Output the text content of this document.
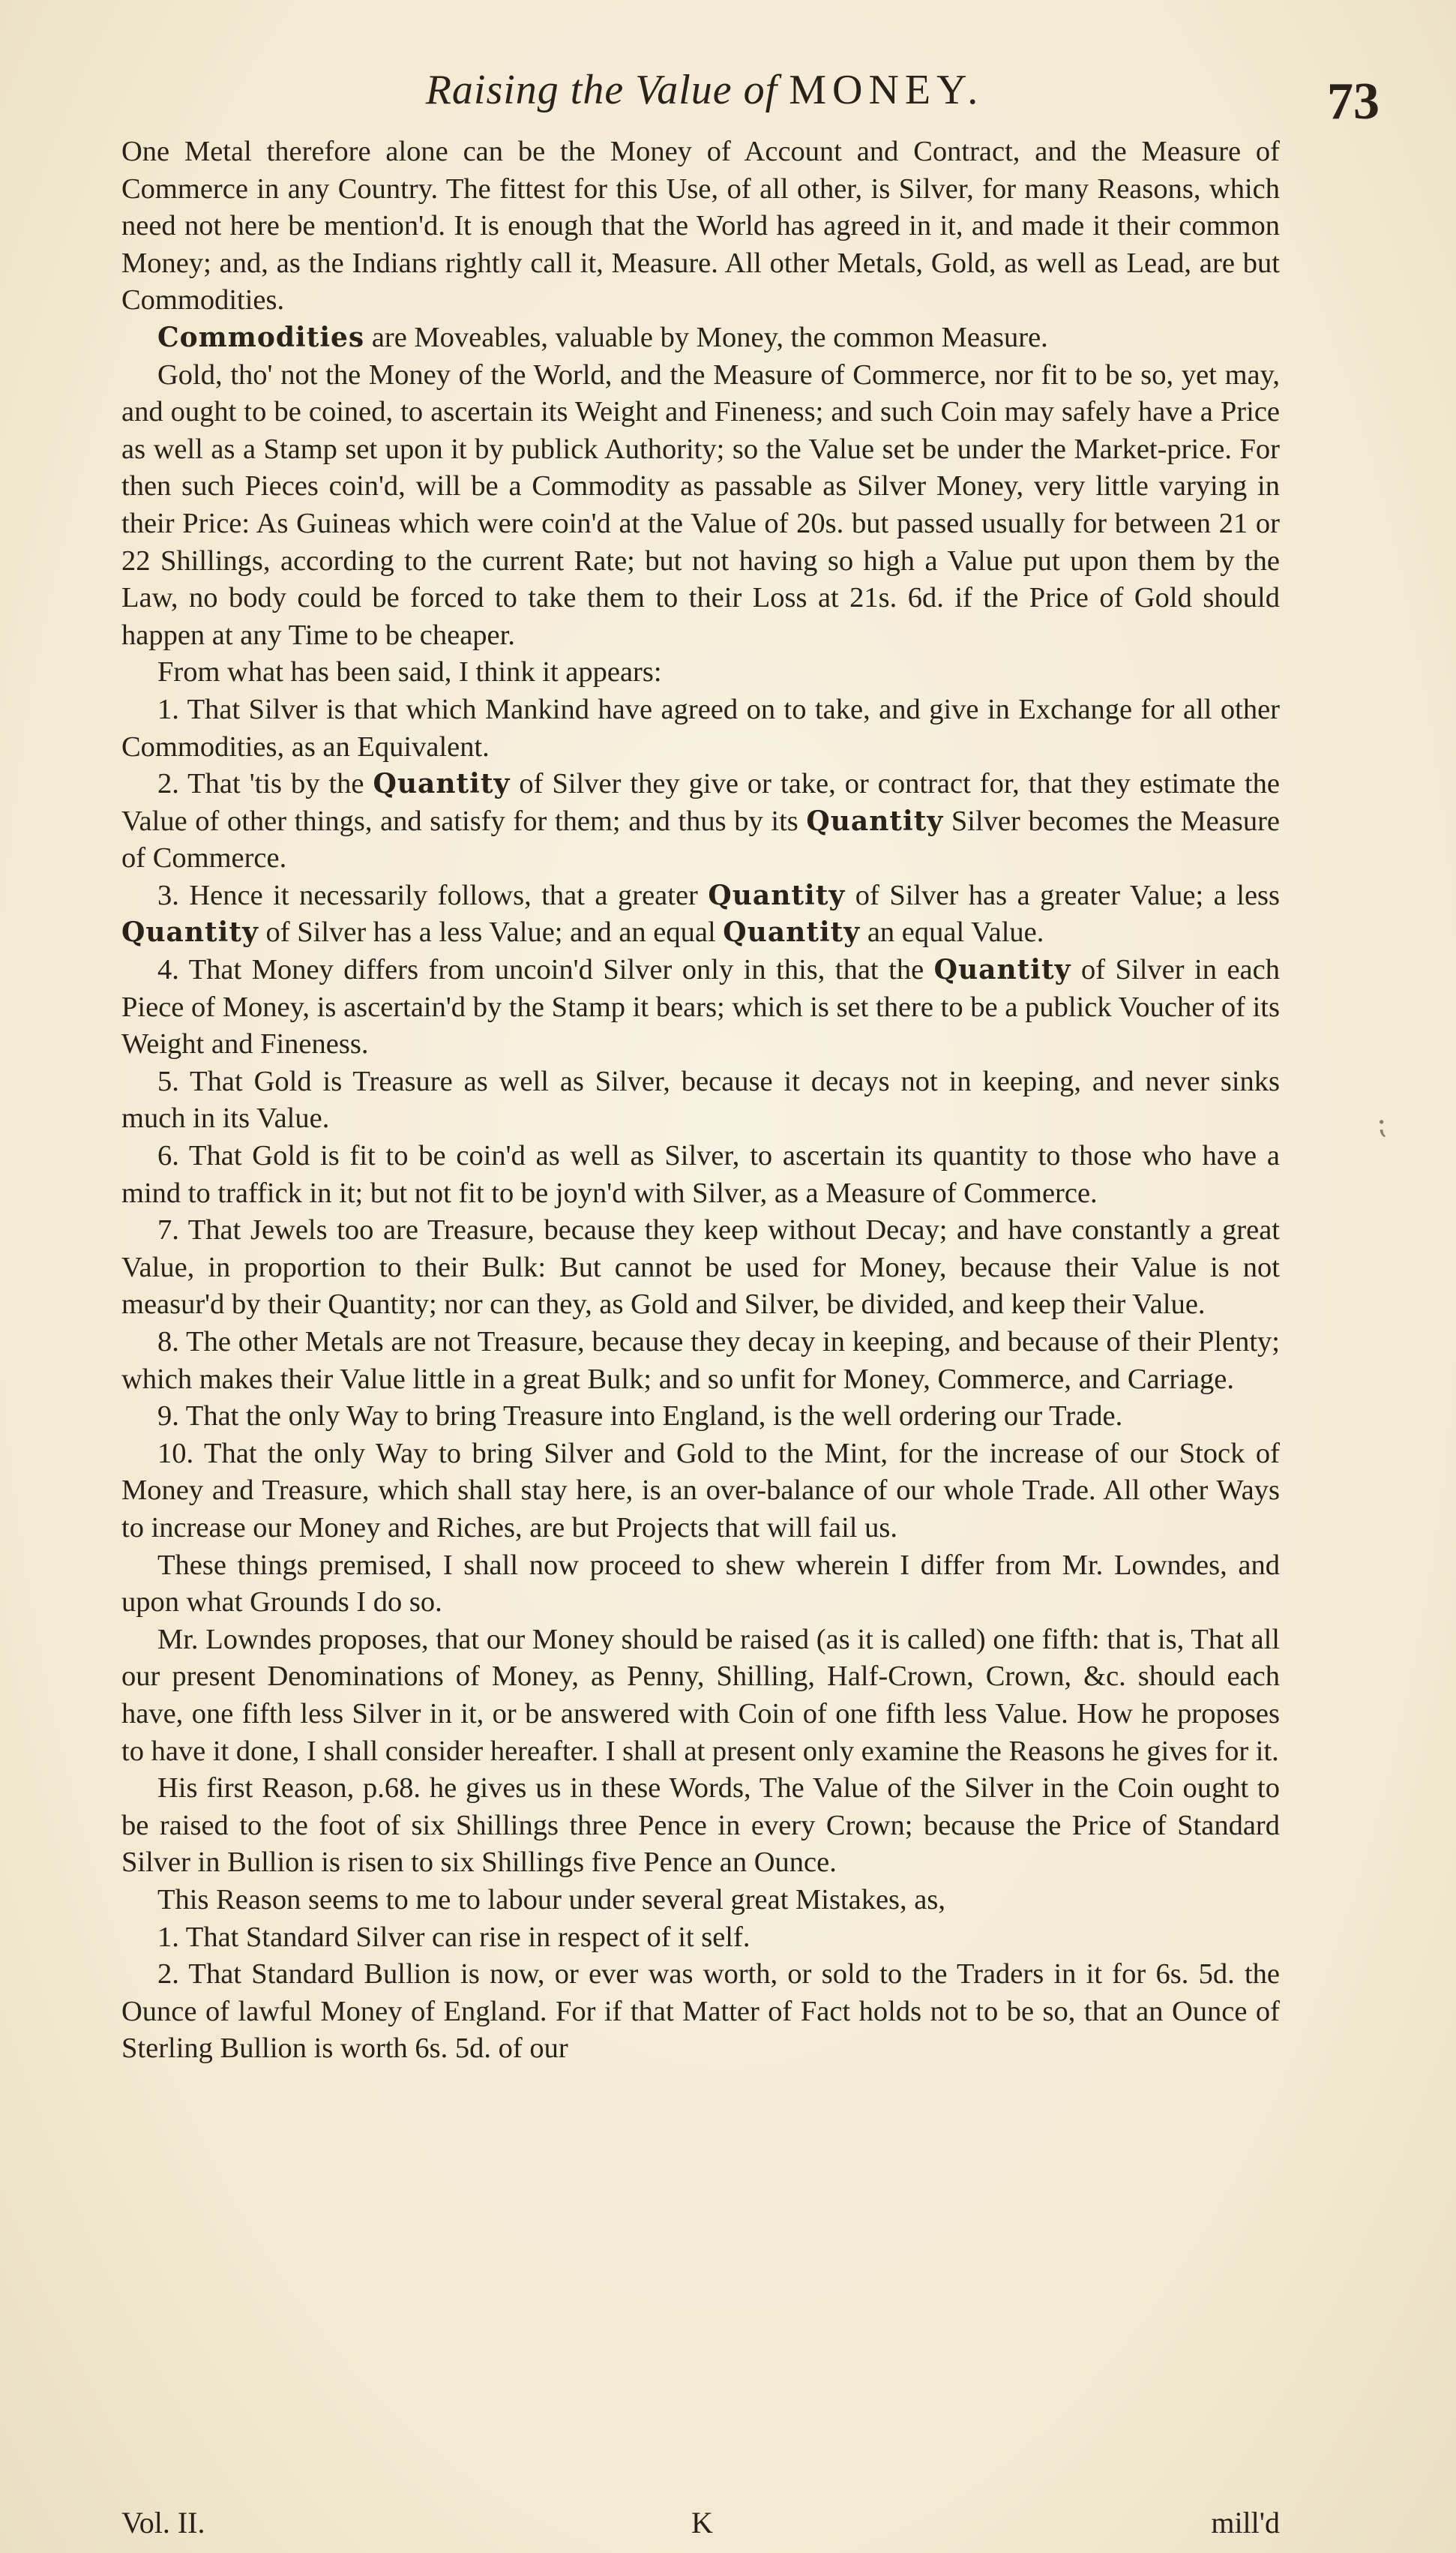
Raising the Value of MONEY.	73

One Metal therefore alone can be the Money of Account and Contract, and the Measure of Commerce in any Country. The fittest for this Use, of all other, is Silver, for many Reasons, which need not here be mention'd. It is enough that the World has agreed in it, and made it their common Money; and, as the Indians rightly call it, Measure. All other Metals, Gold, as well as Lead, are but Commodities.

Commodities are Moveables, valuable by Money, the common Measure.

Gold, tho' not the Money of the World, and the Measure of Commerce, nor fit to be so, yet may, and ought to be coined, to ascertain its Weight and Fineness; and such Coin may safely have a Price as well as a Stamp set upon it by publick Authority; so the Value set be under the Market-price. For then such Pieces coin'd, will be a Commodity as passable as Silver Money, very little varying in their Price: As Guineas which were coin'd at the Value of 20s. but passed usually for between 21 or 22 Shillings, according to the current Rate; but not having so high a Value put upon them by the Law, no body could be forced to take them to their Loss at 21s. 6d. if the Price of Gold should happen at any Time to be cheaper.

From what has been said, I think it appears:

1. That Silver is that which Mankind have agreed on to take, and give in Exchange for all other Commodities, as an Equivalent.

2. That 'tis by the Quantity of Silver they give or take, or contract for, that they estimate the Value of other things, and satisfy for them; and thus by its Quantity Silver becomes the Measure of Commerce.

3. Hence it necessarily follows, that a greater Quantity of Silver has a greater Value; a less Quantity of Silver has a less Value; and an equal Quantity an equal Value.

4. That Money differs from uncoin'd Silver only in this, that the Quantity of Silver in each Piece of Money, is ascertain'd by the Stamp it bears; which is set there to be a publick Voucher of its Weight and Fineness.

5. That Gold is Treasure as well as Silver, because it decays not in keeping, and never sinks much in its Value.

6. That Gold is fit to be coin'd as well as Silver, to ascertain its quantity to those who have a mind to traffick in it; but not fit to be joyn'd with Silver, as a Measure of Commerce.

7. That Jewels too are Treasure, because they keep without Decay; and have constantly a great Value, in proportion to their Bulk: But cannot be used for Money, because their Value is not measur'd by their Quantity; nor can they, as Gold and Silver, be divided, and keep their Value.

8. The other Metals are not Treasure, because they decay in keeping, and because of their Plenty; which makes their Value little in a great Bulk; and so unfit for Money, Commerce, and Carriage.

9. That the only Way to bring Treasure into England, is the well ordering our Trade.

10. That the only Way to bring Silver and Gold to the Mint, for the increase of our Stock of Money and Treasure, which shall stay here, is an over-balance of our whole Trade. All other Ways to increase our Money and Riches, are but Projects that will fail us.

These things premised, I shall now proceed to shew wherein I differ from Mr. Lowndes, and upon what Grounds I do so.

Mr. Lowndes proposes, that our Money should be raised (as it is called) one fifth: that is, That all our present Denominations of Money, as Penny, Shilling, Half-Crown, Crown, &c. should each have, one fifth less Silver in it, or be answered with Coin of one fifth less Value. How he proposes to have it done, I shall consider hereafter. I shall at present only examine the Reasons he gives for it.

His first Reason, p.68. he gives us in these Words, The Value of the Silver in the Coin ought to be raised to the foot of six Shillings three Pence in every Crown; because the Price of Standard Silver in Bullion is risen to six Shillings five Pence an Ounce.

This Reason seems to me to labour under several great Mistakes, as,

1. That Standard Silver can rise in respect of it self.

2. That Standard Bullion is now, or ever was worth, or sold to the Traders in it for 6s. 5d. the Ounce of lawful Money of England. For if that Matter of Fact holds not to be so, that an Ounce of Sterling Bullion is worth 6s. 5d. of our

⁏
Vol. II.	K	mill'd
